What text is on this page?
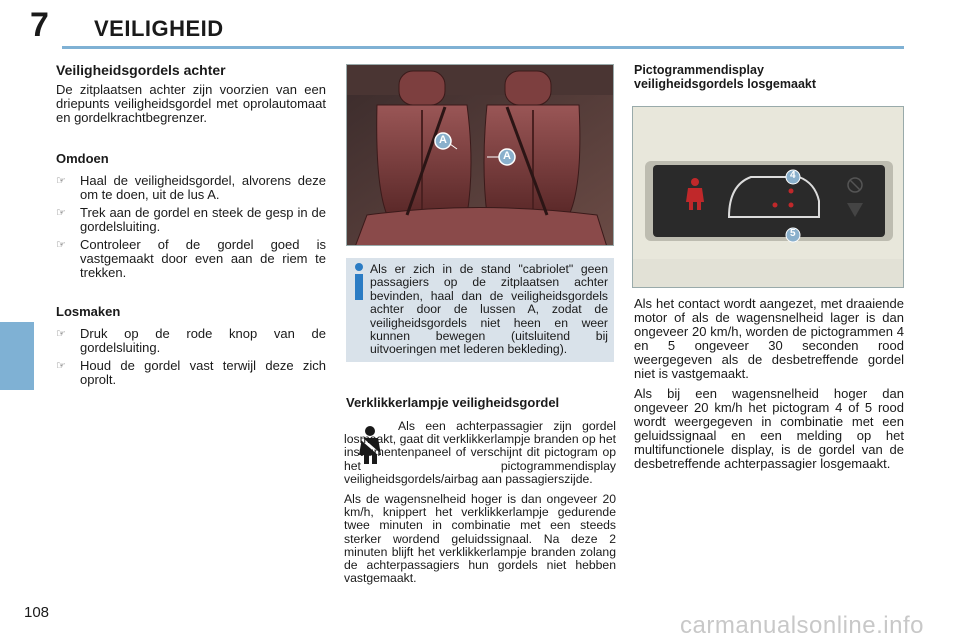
7 VEILIGHEID
108
Veiligheidsgordels achter

De zitplaatsen achter zijn voorzien van een driepunts veiligheidsgordel met oprolautomaat en gordelkrachtbegrenzer.

Omdoen
☞ Haal de veiligheidsgordel, alvorens deze om te doen, uit de lus A.
☞ Trek aan de gordel en steek de gesp in de gordelsluiting.
☞ Controleer of de gordel goed is vastgemaakt door even aan de riem te trekken.
Losmaken
☞ Druk op de rode knop van de gordelsluiting.
☞ Houd de gordel vast terwijl deze zich oprolt.
A
A

Als er zich in de stand "cabriolet" geen passagiers op de zitplaatsen achter bevinden, haal dan de veiligheidsgordels achter door de lussen A, zodat de veiligheidsgordels niet heen en weer kunnen bewegen (uitsluitend bij uitvoeringen met lederen bekleding).

Verklikkerlampje veiligheidsgordel

Als een achterpassagier zijn gordel losmaakt, gaat dit verklikkerlampje branden op het instrumentenpaneel of verschijnt dit pictogram op het pictogrammendisplay veiligheidsgordels/airbag aan passagierszijde.

Als de wagensnelheid hoger is dan ongeveer 20 km/h, knippert het verklikkerlampje gedurende twee minuten in combinatie met een steeds sterker wordend geluidssignaal. Na deze 2 minuten blijft het verklikkerlampje branden zolang de achterpassagiers hun gordels niet hebben vastgemaakt.

Pictogrammendisplay
veiligheidsgordels losgemaakt
4
5

Als het contact wordt aangezet, met draaiende motor of als de wagensnelheid lager is dan ongeveer 20 km/h, worden de pictogrammen 4 en 5 ongeveer 30 seconden rood weergegeven als de desbetreffende gordel niet is vastgemaakt.

Als bij een wagensnelheid hoger dan ongeveer 20 km/h het pictogram 4 of 5 rood wordt weergegeven in combinatie met een geluidssignaal en een melding op het multifunctionele display, is de gordel van de desbetreffende achterpassagier losgemaakt.

carmanualsonline.info
